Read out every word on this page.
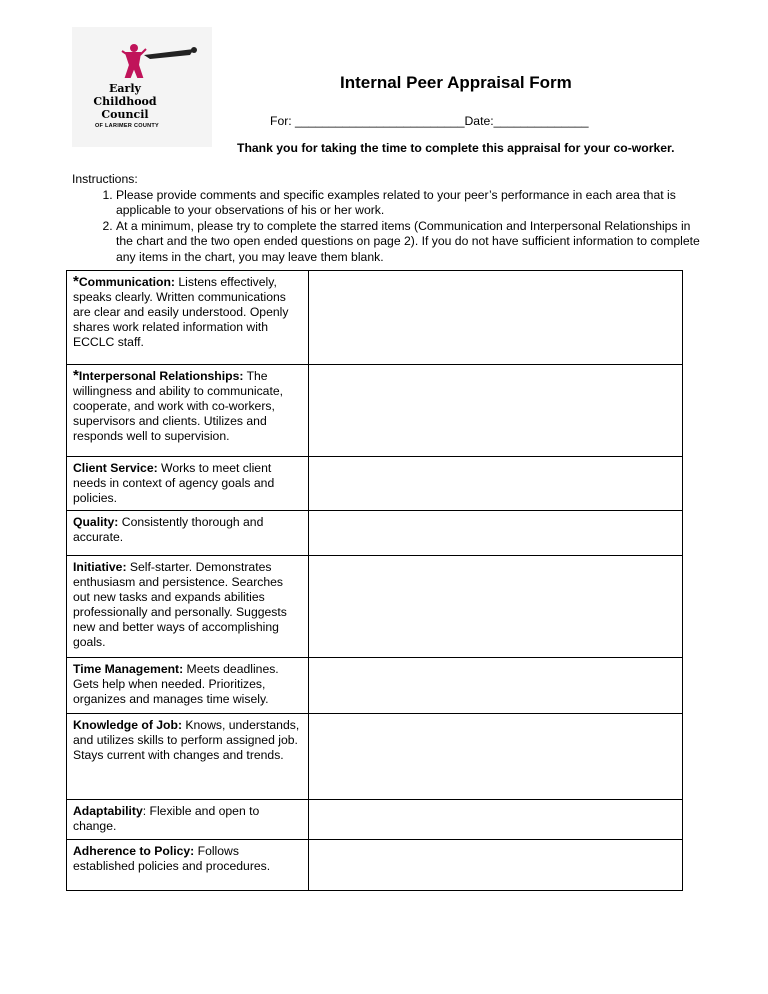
Early
Childhood
Council
OF LARIMER COUNTY
Internal Peer Appraisal Form
For: _________________________Date:______________
Thank you for taking the time to complete this appraisal for your co-worker.
Instructions:
1. Please provide comments and specific examples related to your peer’s performance in each area that is applicable to your observations of his or her work.
2. At a minimum, please try to complete the starred items (Communication and Interpersonal Relationships in the chart and the two open ended questions on page 2). If you do not have sufficient information to complete any items in the chart, you may leave them blank.
*Communication: Listens effectively, speaks clearly. Written communications are clear and easily understood. Openly shares work related information with ECCLC staff.	
*Interpersonal Relationships: The willingness and ability to communicate, cooperate, and work with co-workers, supervisors and clients. Utilizes and responds well to supervision.	
Client Service: Works to meet client needs in context of agency goals and policies.	
Quality: Consistently thorough and accurate.	
Initiative: Self-starter. Demonstrates enthusiasm and persistence. Searches out new tasks and expands abilities professionally and personally. Suggests new and better ways of accomplishing goals.	
Time Management: Meets deadlines. Gets help when needed. Prioritizes, organizes and manages time wisely.	
Knowledge of Job: Knows, understands, and utilizes skills to perform assigned job. Stays current with changes and trends.	
Adaptability: Flexible and open to change.	
Adherence to Policy: Follows established policies and procedures.	
